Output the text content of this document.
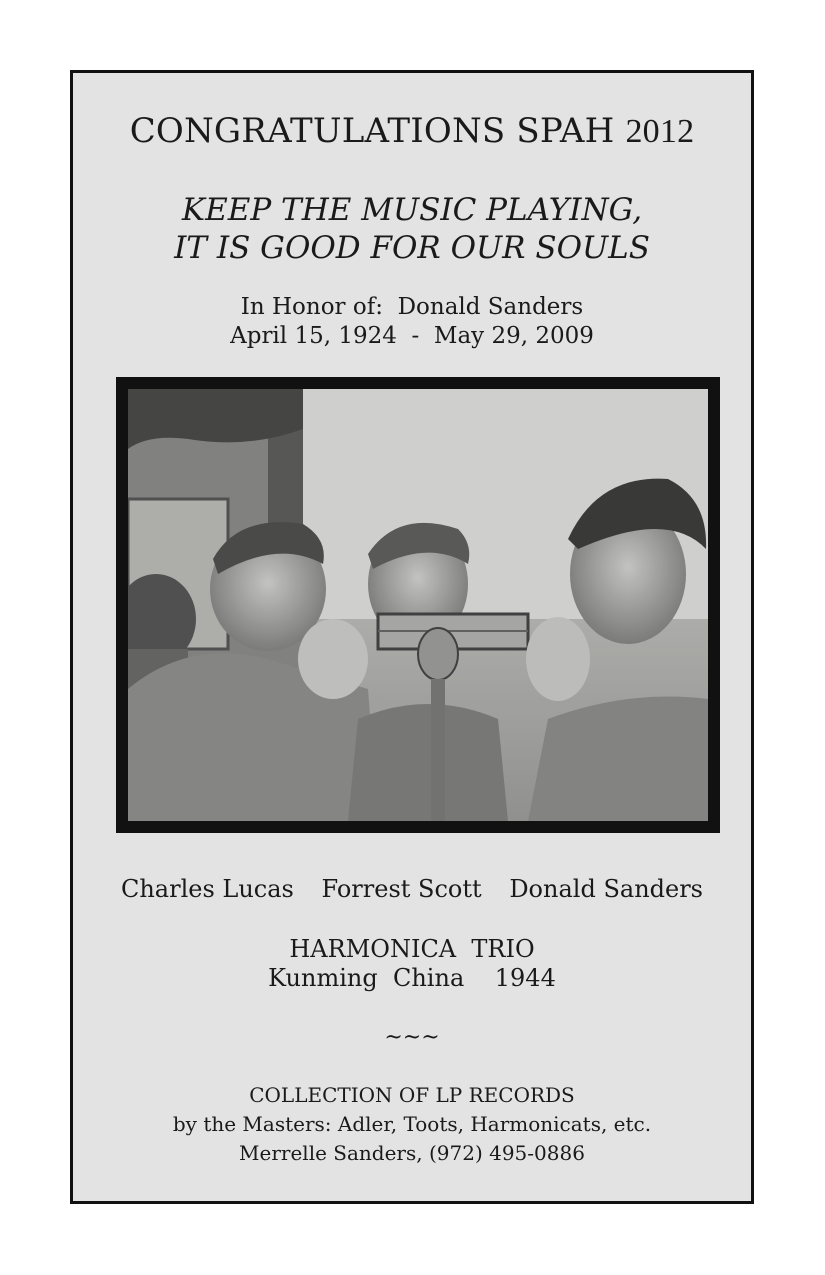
CONGRATULATIONS SPAH 2012
KEEP THE MUSIC PLAYING,
IT IS GOOD FOR OUR SOULS
In Honor of:  Donald Sanders
April 15, 1924  -  May 29, 2009
Charles Lucas Forrest Scott Donald Sanders
HARMONICA  TRIO
Kunming  China    1944
~~~
COLLECTION OF LP RECORDS
by the Masters: Adler, Toots, Harmonicats, etc.
Merrelle Sanders, (972) 495-0886
